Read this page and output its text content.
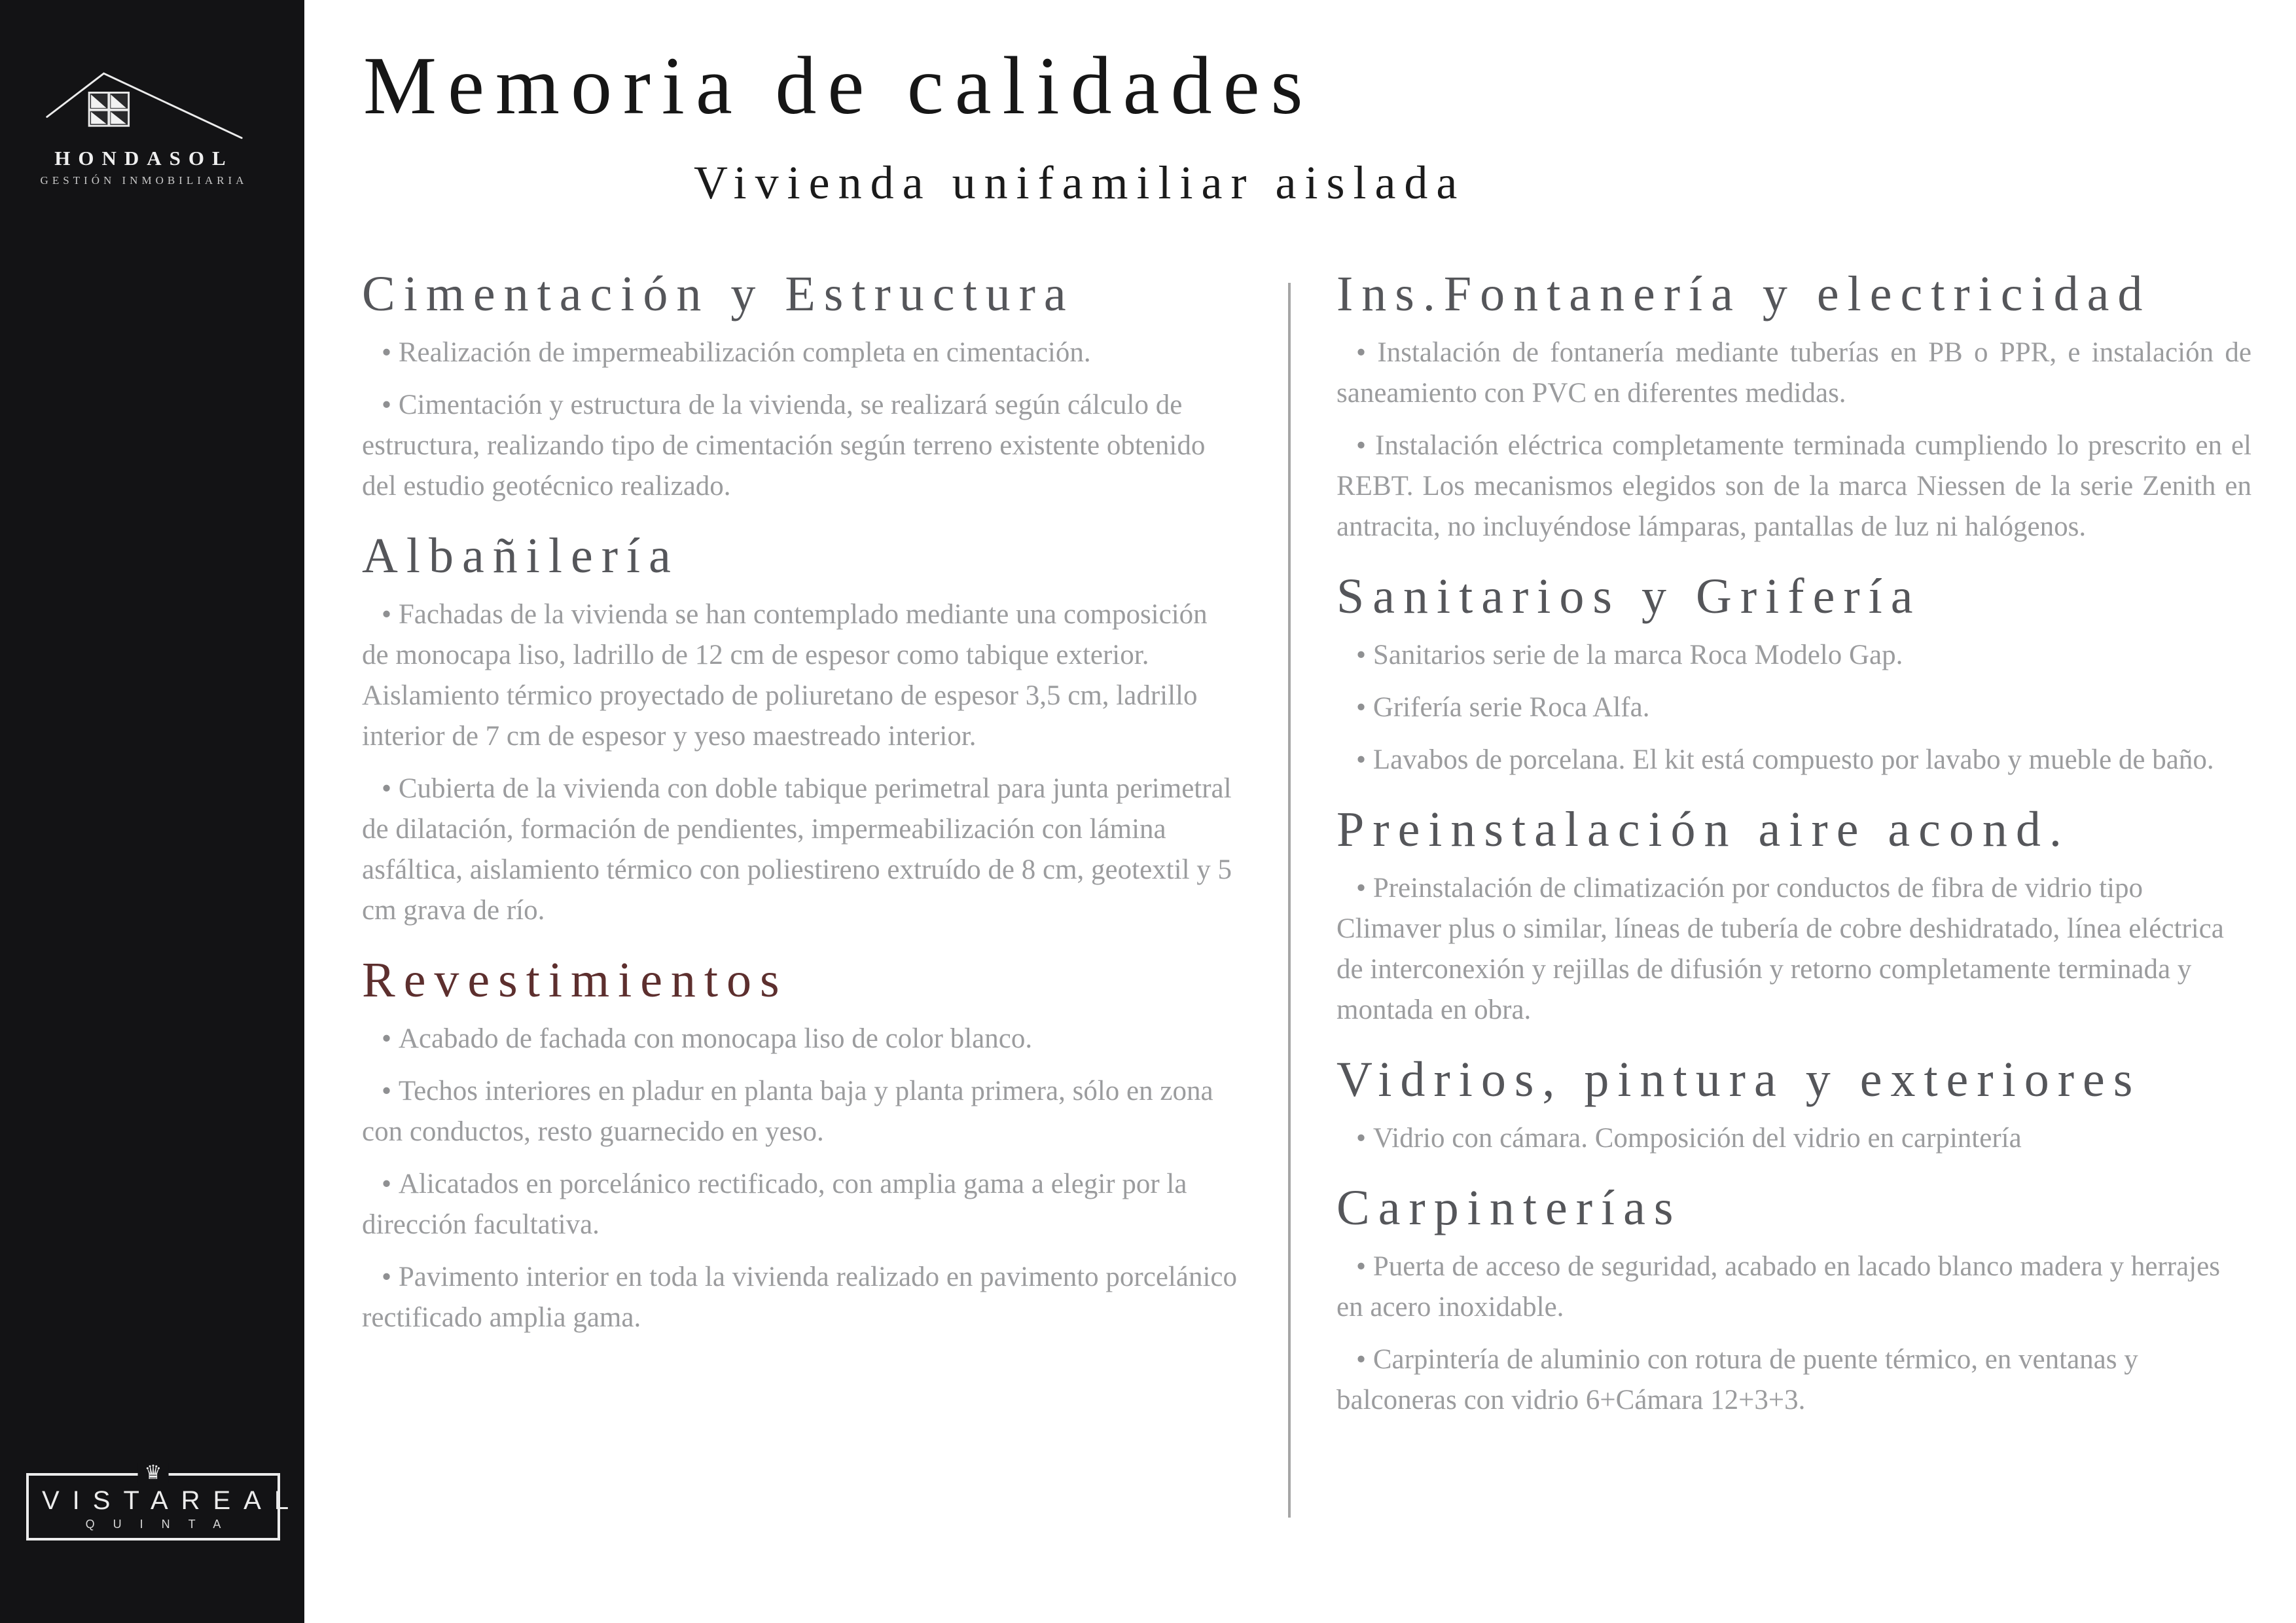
HONDASOL
GESTIÓN INMOBILIARIA
♛
VISTAREAL
QUINTA
Memoria de calidades
Vivienda unifamiliar aislada
Cimentación y Estructura

• Realización de impermeabilización completa en cimentación.

• Cimentación y estructura de la vivienda, se realizará según cálculo de estructura, realizando tipo de cimentación según terreno existente obtenido del estudio geotécnico realizado.

Albañilería

• Fachadas de la vivienda se han contemplado mediante una composición de monocapa liso, ladrillo de 12 cm de espesor como tabique exterior. Aislamiento térmico proyectado de poliuretano de espesor 3,5 cm, ladrillo interior de 7 cm de espesor y yeso maestreado interior.

• Cubierta de la vivienda con doble tabique perimetral para junta perimetral de dilatación, formación de pendientes, impermeabilización con lámina asfáltica, aislamiento térmico con poliestireno extruído de 8 cm, geotextil y 5 cm grava de río.

Revestimientos

• Acabado de fachada con monocapa liso de color blanco.

• Techos interiores en pladur en planta baja y planta primera, sólo en zona con conductos, resto guarnecido en yeso.

• Alicatados en porcelánico rectificado, con amplia gama a elegir por la dirección facultativa.

• Pavimento interior en toda la vivienda realizado en pavimento porcelánico rectificado amplia gama.

Ins.Fontanería y electricidad

• Instalación de fontanería mediante tuberías en PB o PPR, e instalación de saneamiento con PVC en diferentes medidas.

• Instalación eléctrica completamente terminada cumpliendo lo prescrito en el REBT. Los mecanismos elegidos son de la marca Niessen de la serie Zenith en antracita, no incluyéndose lámparas, pantallas de luz ni halógenos.

Sanitarios y Grifería

• Sanitarios serie de la marca Roca Modelo Gap.

• Grifería serie Roca Alfa.

• Lavabos de porcelana. El kit está compuesto por lavabo y mueble de baño.

Preinstalación aire acond.

• Preinstalación de climatización por conductos de fibra de vidrio tipo Climaver plus o similar, líneas de tubería de cobre deshidratado, línea eléctrica de interconexión y rejillas de difusión y retorno completamente terminada y montada en obra.

Vidrios, pintura y exteriores

• Vidrio con cámara. Composición del vidrio en carpintería

Carpinterías

• Puerta de acceso de seguridad, acabado en lacado blanco madera y herrajes en acero inoxidable.

• Carpintería de aluminio con rotura de puente térmico, en ventanas y balconeras con vidrio 6+Cámara 12+3+3.
